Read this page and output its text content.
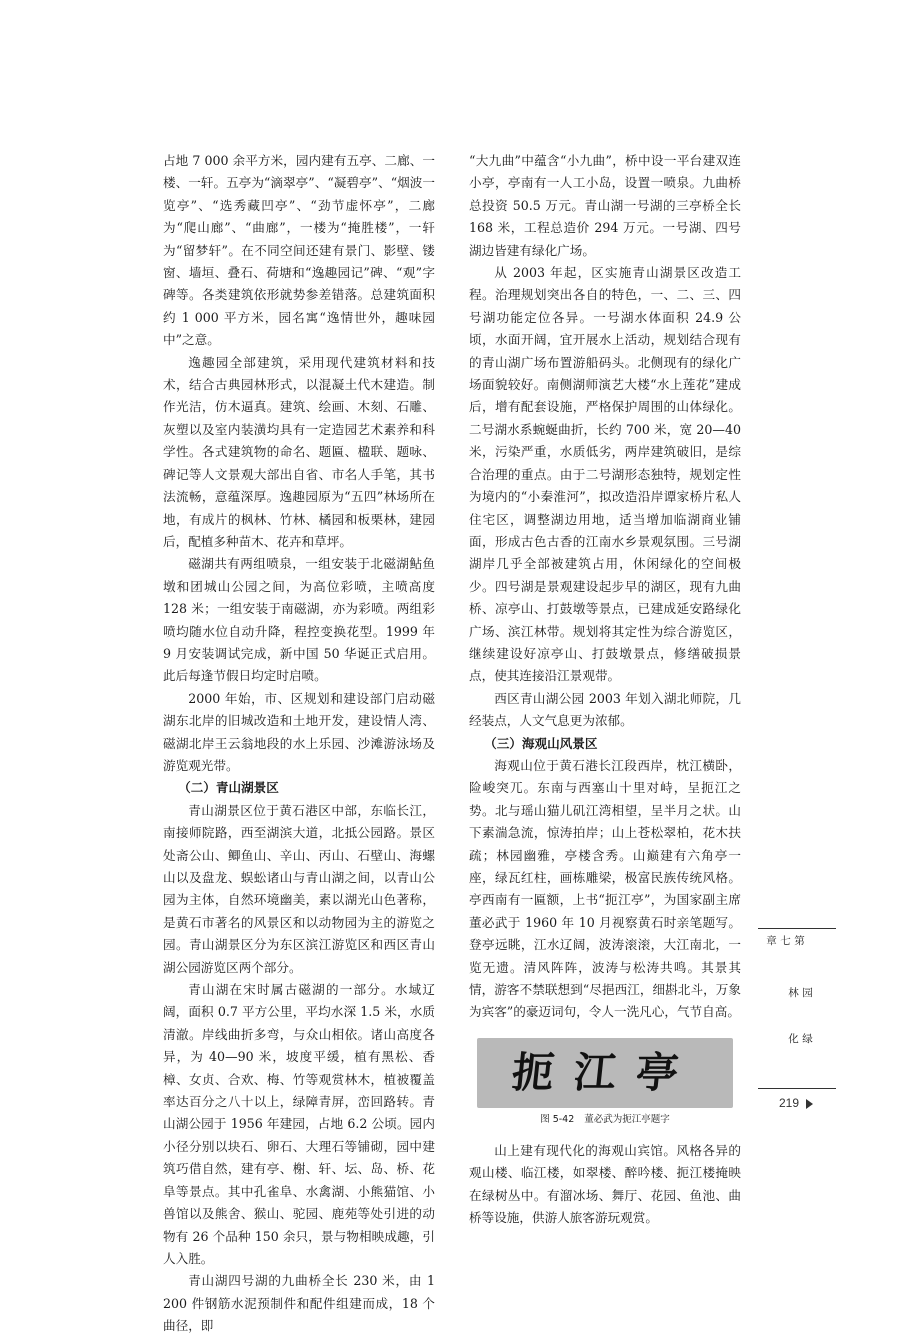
占地 7 000 余平方米，园内建有五亭、二廊、一楼、一轩。五亭为“滴翠亭”、“凝碧亭”、“烟波一览亭”、“选秀藏凹亭”、“劲节虚怀亭”，二廊为“爬山廊”、“曲廊”，一楼为“掩胜楼”，一轩为“留梦轩”。在不同空间还建有景门、影壁、镂窗、墙垣、叠石、荷塘和“逸趣园记”碑、“观”字碑等。各类建筑依形就势参差错落。总建筑面积约 1 000 平方米，园名寓“逸情世外，趣味园中”之意。

逸趣园全部建筑，采用现代建筑材料和技术，结合古典园林形式，以混凝土代木建造。制作光洁，仿木逼真。建筑、绘画、木刻、石雕、灰塑以及室内装潢均具有一定造园艺术素养和科学性。各式建筑物的命名、题匾、楹联、题咏、碑记等人文景观大部出自省、市名人手笔，其书法流畅，意蕴深厚。逸趣园原为“五四”林场所在地，有成片的枫林、竹林、橘园和板栗林，建园后，配植多种苗木、花卉和草坪。

磁湖共有两组喷泉，一组安装于北磁湖鲇鱼墩和团城山公园之间，为高位彩喷，主喷高度 128 米；一组安装于南磁湖，亦为彩喷。两组彩喷均随水位自动升降，程控变换花型。1999 年 9 月安装调试完成，新中国 50 华诞正式启用。此后每逢节假日均定时启喷。

2000 年始，市、区规划和建设部门启动磁湖东北岸的旧城改造和土地开发，建设情人湾、磁湖北岸王云翁地段的水上乐园、沙滩游泳场及游览观光带。

（二）青山湖景区

青山湖景区位于黄石港区中部，东临长江，南接师院路，西至湖滨大道，北抵公园路。景区处斋公山、鲫鱼山、辛山、丙山、石壁山、海螺山以及盘龙、蜈蚣诸山与青山湖之间，以青山公园为主体，自然环境幽美，素以湖光山色著称，是黄石市著名的风景区和以动物园为主的游览之园。青山湖景区分为东区滨江游览区和西区青山湖公园游览区两个部分。

青山湖在宋时属古磁湖的一部分。水域辽阔，面积 0.7 平方公里，平均水深 1.5 米，水质清澈。岸线曲折多弯，与众山相依。诸山高度各异，为 40—90 米，坡度平缓，植有黑松、香樟、女贞、合欢、梅、竹等观赏林木，植被覆盖率达百分之八十以上，绿障青屏，峦回路转。青山湖公园于 1956 年建园，占地 6.2 公顷。园内小径分别以块石、卵石、大理石等铺砌，园中建筑巧借自然，建有亭、榭、轩、坛、岛、桥、花阜等景点。其中孔雀阜、水禽湖、小熊猫馆、小兽馆以及熊舍、猴山、驼园、鹿苑等处引进的动物有 26 个品种 150 余只，景与物相映成趣，引人入胜。

青山湖四号湖的九曲桥全长 230 米，由 1 200 件钢筋水泥预制件和配件组建而成，18 个曲径，即

“大九曲”中蕴含“小九曲”，桥中设一平台建双连小亭，亭南有一人工小岛，设置一喷泉。九曲桥总投资 50.5 万元。青山湖一号湖的三亭桥全长 168 米，工程总造价 294 万元。一号湖、四号湖边皆建有绿化广场。

从 2003 年起，区实施青山湖景区改造工程。治理规划突出各自的特色，一、二、三、四号湖功能定位各异。一号湖水体面积 24.9 公顷，水面开阔，宜开展水上活动，规划结合现有的青山湖广场布置游船码头。北侧现有的绿化广场面貌较好。南侧湖师演艺大楼“水上莲花”建成后，增有配套设施，严格保护周围的山体绿化。二号湖水系蜿蜒曲折，长约 700 米，宽 20—40 米，污染严重，水质低劣，两岸建筑破旧，是综合治理的重点。由于二号湖形态独特，规划定性为境内的“小秦淮河”，拟改造沿岸谭家桥片私人住宅区，调整湖边用地，适当增加临湖商业铺面，形成古色古香的江南水乡景观氛围。三号湖湖岸几乎全部被建筑占用，休闲绿化的空间极少。四号湖是景观建设起步早的湖区，现有九曲桥、凉亭山、打鼓墩等景点，已建成延安路绿化广场、滨江林带。规划将其定性为综合游览区，继续建设好凉亭山、打鼓墩景点，修缮破损景点，使其连接沿江景观带。

西区青山湖公园 2003 年划入湖北师院，几经装点，人文气息更为浓郁。

（三）海观山风景区

海观山位于黄石港长江段西岸，枕江横卧，险峻突兀。东南与西塞山十里对峙，呈扼江之势。北与瑶山猫儿矶江湾相望，呈半月之状。山下素湍急流，惊涛拍岸；山上苍松翠柏，花木扶疏；林园幽雅，亭楼含秀。山巅建有六角亭一座，绿瓦红柱，画栋雕梁，极富民族传统风格。亭西南有一匾额，上书“扼江亭”，为国家副主席董必武于 1960 年 10 月视察黄石时亲笔题写。登亭远眺，江水辽阔，波涛滚滚，大江南北，一览无遗。清风阵阵，波涛与松涛共鸣。其景其情，游客不禁联想到“尽挹西江，细斟北斗，万象为宾客”的豪迈词句，令人一洗凡心，气节自高。

扼江亭
图 5-42 董必武为扼江亭题字

山上建有现代化的海观山宾馆。风格各异的观山楼、临江楼，如翠楼、醉吟楼、扼江楼掩映在绿树丛中。有溜冰场、舞厅、花园、鱼池、曲桥等设施，供游人旅客游玩观赏。

第七章
园林
绿化
219
